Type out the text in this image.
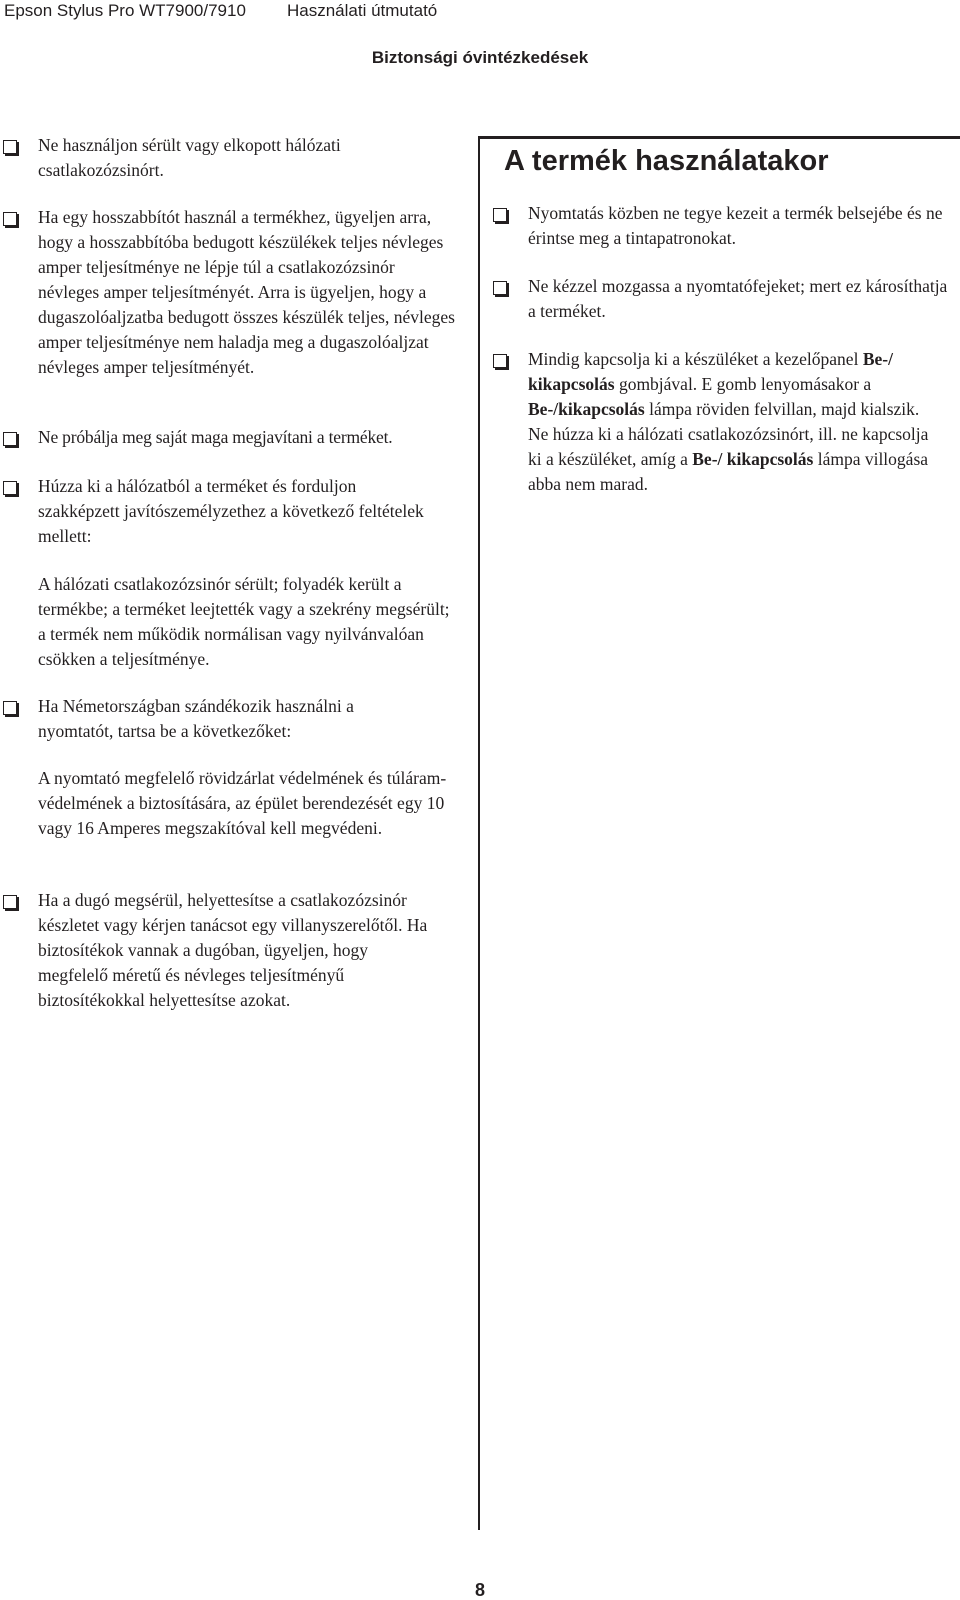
Epson Stylus Pro WT7900/7910 Használati útmutató
Biztonsági óvintézkedések
Ne használjon sérült vagy elkopott hálózati csatlakozózsinórt.
Ha egy hosszabbítót használ a termékhez, ügyeljen arra, hogy a hosszabbítóba bedugott készülékek teljes névleges amper teljesítménye ne lépje túl a csatlakozózsinór névleges amper teljesítményét. Arra is ügyeljen, hogy a dugaszolóaljzatba bedugott összes készülék teljes, névleges amper teljesítménye nem haladja meg a dugaszolóaljzat névleges amper teljesítményét.
Ne próbálja meg saját maga megjavítani a terméket.
Húzza ki a hálózatból a terméket és forduljon szakképzett javítószemélyzethez a következő feltételek mellett:
A hálózati csatlakozózsinór sérült; folyadék került a termékbe; a terméket leejtették vagy a szekrény megsérült; a termék nem működik normálisan vagy nyilvánvalóan csökken a teljesítménye.
Ha Németországban szándékozik használni a nyomtatót, tartsa be a következőket:
A nyomtató megfelelő rövidzárlat védelmének és túláram-védelmének a biztosítására, az épület berendezését egy 10 vagy 16 Amperes megszakítóval kell megvédeni.
Ha a dugó megsérül, helyettesítse a csatlakozózsinór készletet vagy kérjen tanácsot egy villanyszerelőtől. Ha biztosítékok vannak a dugóban, ügyeljen, hogy megfelelő méretű és névleges teljesítményű biztosítékokkal helyettesítse azokat.
A termék használatakor
Nyomtatás közben ne tegye kezeit a termék belsejébe és ne érintse meg a tintapatronokat.
Ne kézzel mozgassa a nyomtatófejeket; mert ez károsíthatja a terméket.
Mindig kapcsolja ki a készüléket a kezelőpanel Be-/ kikapcsolás gombjával. E gomb lenyomásakor a Be-/kikapcsolás lámpa röviden felvillan, majd kialszik. Ne húzza ki a hálózati csatlakozózsinórt, ill. ne kapcsolja ki a készüléket, amíg a Be-/ kikapcsolás lámpa villogása abba nem marad.
8
